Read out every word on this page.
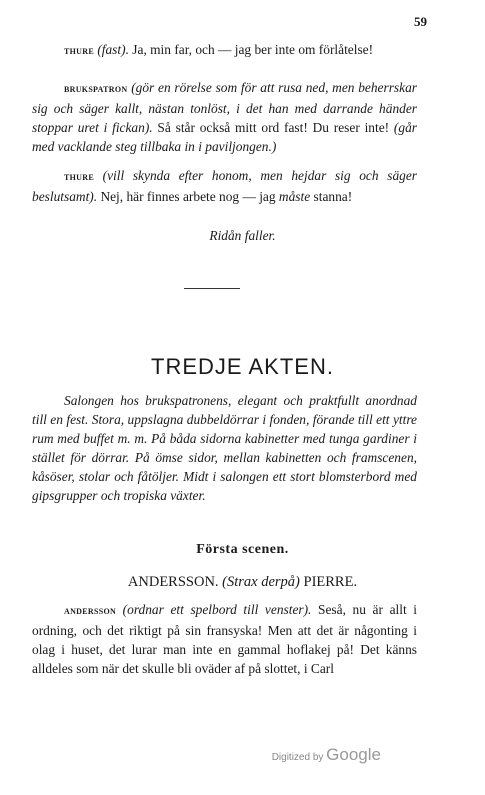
59
thure (fast). Ja, min far, och — jag ber inte om förlåtelse!
brukspatron (gör en rörelse som för att rusa ned, men beherrskar sig och säger kallt, nästan tonlöst, i det han med darrande händer stoppar uret i fickan). Så står också mitt ord fast! Du reser inte! (går med vacklande steg tillbaka in i paviljongen.)
thure (vill skynda efter honom, men hejdar sig och säger beslutsamt). Nej, här finnes arbete nog — jag måste stanna!
Ridån faller.
TREDJE AKTEN.
Salongen hos brukspatronens, elegant och praktfullt anordnad till en fest. Stora, uppslagna dubbeldörrar i fonden, förande till ett yttre rum med buffet m. m. På båda sidorna kabinetter med tunga gardiner i stället för dörrar. På ömse sidor, mellan kabinetten och framscenen, kåsöser, stolar och fåtöljer. Midt i salongen ett stort blomsterbord med gipsgrupper och tropiska växter.
Första scenen.
ANDERSSON. (Strax derpå) PIERRE.
andersson (ordnar ett spelbord till venster). Seså, nu är allt i ordning, och det riktigt på sin fransyska! Men att det är någonting i olag i huset, det lurar man inte en gammal hoflakej på! Det känns alldeles som när det skulle bli oväder af på slottet, i Carl
Digitized by Google
